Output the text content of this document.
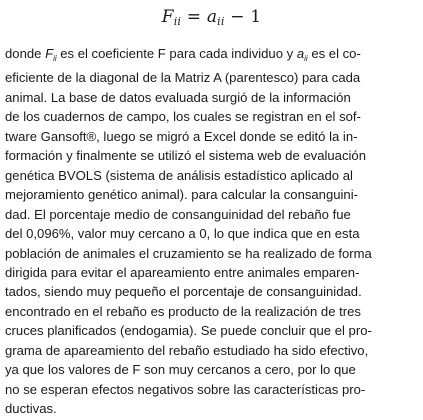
$F_{ii} = a_{ii} - 1$
donde $F_{ii}$ es el coeficiente F para cada individuo y $a_{ii}$ es el co-
eficiente de la diagonal de la Matriz A (parentesco) para cada
animal. La base de datos evaluada surgió de la información
de los cuadernos de campo, los cuales se registran en el sof-
tware Gansoft®, luego se migró a Excel donde se editó la in-
formación y finalmente se utilizó el sistema web de evaluación
genética BVOLS (sistema de análisis estadístico aplicado al
mejoramiento genético animal). para calcular la consanguini-
dad. El porcentaje medio de consanguinidad del rebaño fue
del 0,096%, valor muy cercano a 0, lo que indica que en esta
población de animales el cruzamiento se ha realizado de forma
dirigida para evitar el apareamiento entre animales emparen-
tados, siendo muy pequeño el porcentaje de consanguinidad.
encontrado en el rebaño es producto de la realización de tres
cruces planificados (endogamia). Se puede concluir que el pro-
grama de apareamiento del rebaño estudiado ha sido efectivo,
ya que los valores de F son muy cercanos a cero, por lo que
no se esperan efectos negativos sobre las características pro-
ductivas.
